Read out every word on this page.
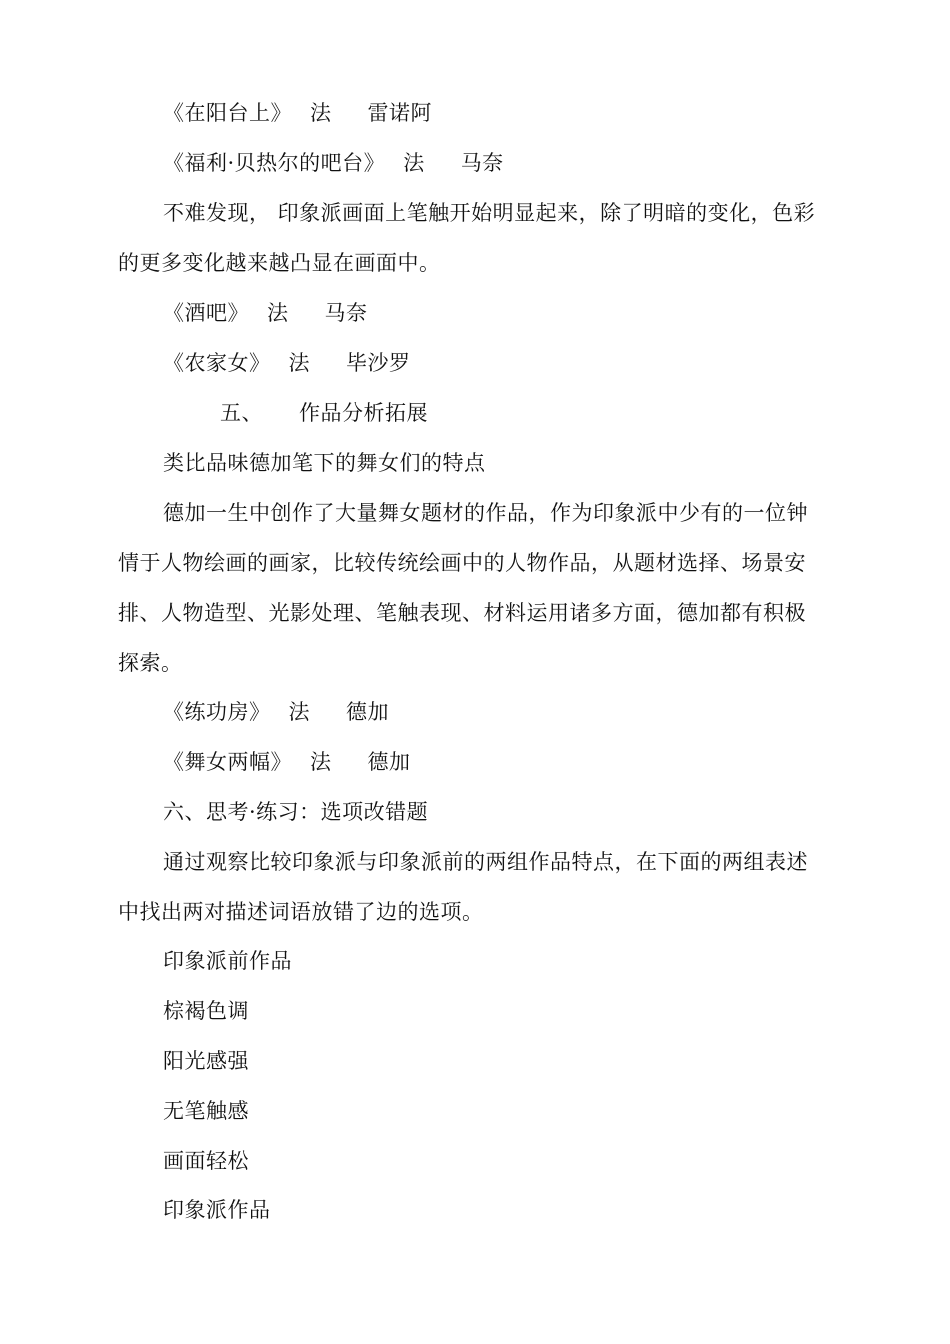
《在阳台上》 法 雷诺阿
《福利·贝热尔的吧台》 法 马奈
不难发现， 印象派画面上笔触开始明显起来，除了明暗的变化，色彩
的更多变化越来越凸显在画面中。
《酒吧》 法 马奈
《农家女》 法 毕沙罗
五、 作品分析拓展
类比品味德加笔下的舞女们的特点
德加一生中创作了大量舞女题材的作品，作为印象派中少有的一位钟
情于人物绘画的画家，比较传统绘画中的人物作品，从题材选择、场景安
排、人物造型、光影处理、笔触表现、材料运用诸多方面，德加都有积极
探索。
《练功房》 法 德加
《舞女两幅》 法 德加
六、思考·练习：选项改错题
通过观察比较印象派与印象派前的两组作品特点，在下面的两组表述
中找出两对描述词语放错了边的选项。
印象派前作品
棕褐色调
阳光感强
无笔触感
画面轻松
印象派作品
